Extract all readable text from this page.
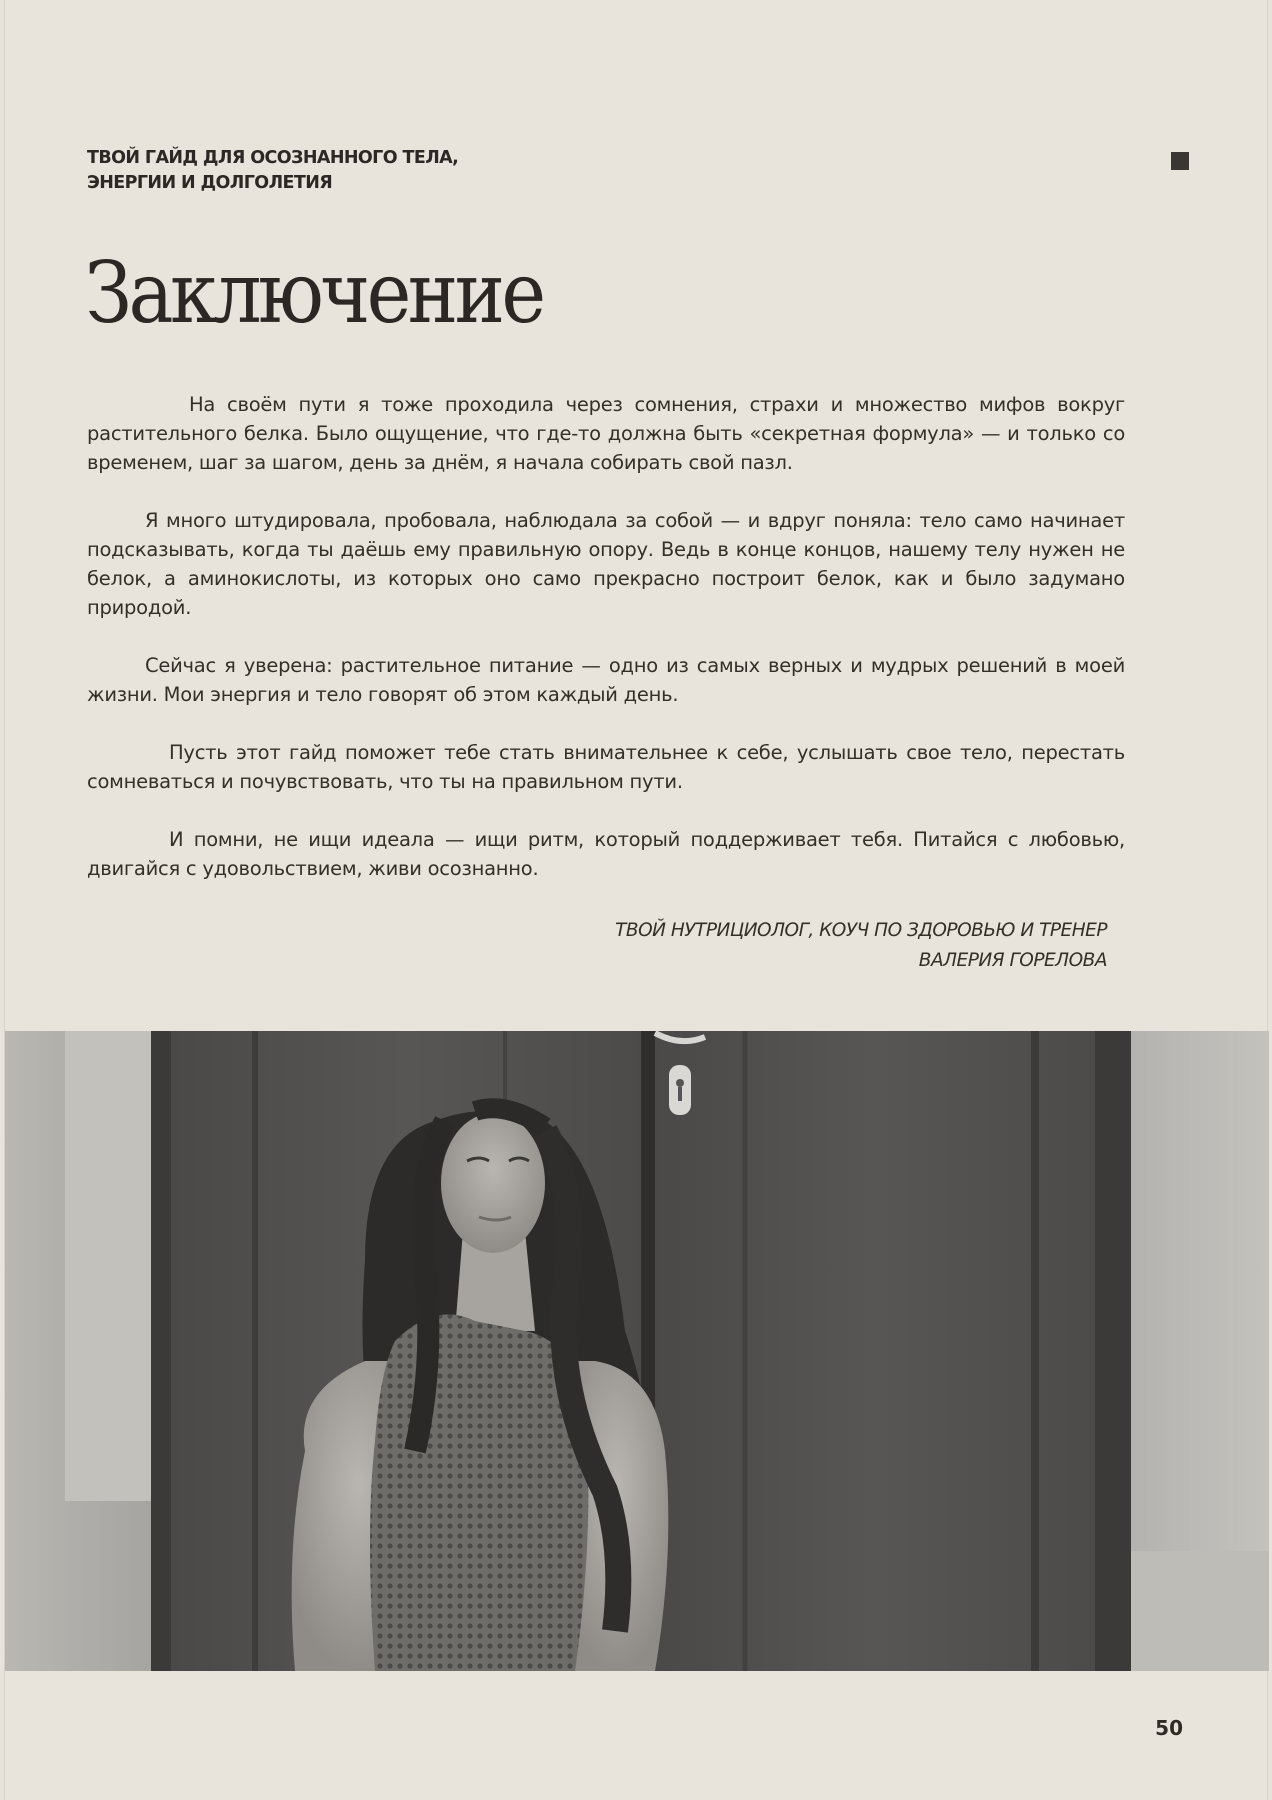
ТВОЙ ГАЙД ДЛЯ ОСОЗНАННОГО ТЕЛА,
ЭНЕРГИИ И ДОЛГОЛЕТИЯ
Заключение

На своём пути я тоже проходила через сомнения, страхи и множество мифов вокруг растительного белка. Было ощущение, что где-то должна быть «секретная формула» — и только со временем, шаг за шагом, день за днём, я начала собирать свой пазл.

Я много штудировала, пробовала, наблюдала за собой — и вдруг поняла: тело само начинает подсказывать, когда ты даёшь ему правильную опору. Ведь в конце концов, нашему телу нужен не белок, а аминокислоты, из которых оно само прекрасно построит белок, как и было задумано природой.

Сейчас я уверена: растительное питание — одно из самых верных и мудрых решений в моей жизни. Мои энергия и тело говорят об этом каждый день.

Пусть этот гайд поможет тебе стать внимательнее к себе, услышать свое тело, перестать сомневаться и почувствовать, что ты на правильном пути.

И помни, не ищи идеала — ищи ритм, который поддерживает тебя. Питайся с любовью, двигайся с удовольствием, живи осознанно.

ТВОЙ НУТРИЦИОЛОГ, КОУЧ ПО ЗДОРОВЬЮ И ТРЕНЕР
ВАЛЕРИЯ ГОРЕЛОВА
50
